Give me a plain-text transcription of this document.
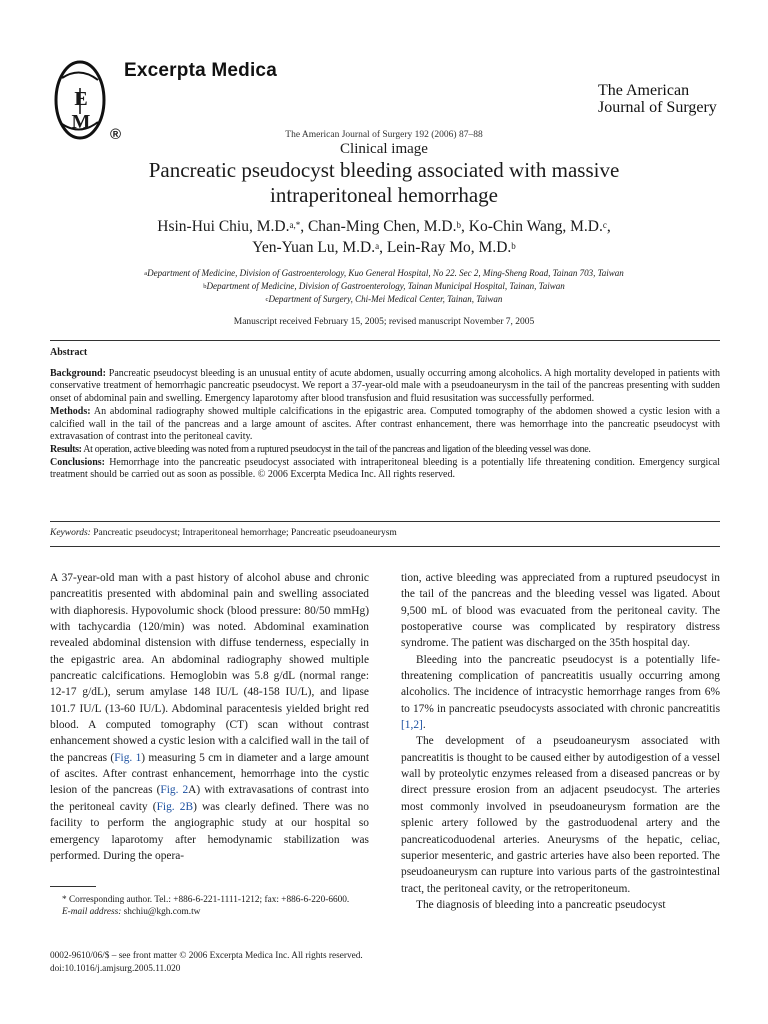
E M
Excerpta Medica
®
The American
Journal of Surgery
The American Journal of Surgery 192 (2006) 87–88
Clinical image
Pancreatic pseudocyst bleeding associated with massive intraperitoneal hemorrhage
Hsin-Hui Chiu, M.D.$^{a,*}$, Chan-Ming Chen, M.D.$^b$, Ko-Chin Wang, M.D.$^c$,
Yen-Yuan Lu, M.D.$^a$, Lein-Ray Mo, M.D.$^b$
$^a$Department of Medicine, Division of Gastroenterology, Kuo General Hospital, No 22. Sec 2, Ming-Sheng Road, Tainan 703, Taiwan
$^b$Department of Medicine, Division of Gastroenterology, Tainan Municipal Hospital, Tainan, Taiwan
$^c$Department of Surgery, Chi-Mei Medical Center, Tainan, Taiwan
Manuscript received February 15, 2005; revised manuscript November 7, 2005
Abstract

Background: Pancreatic pseudocyst bleeding is an unusual entity of acute abdomen, usually occurring among alcoholics. A high mortality developed in patients with conservative treatment of hemorrhagic pancreatic pseudocyst. We report a 37-year-old male with a pseudoaneurysm in the tail of the pancreas presenting with sudden onset of abdominal pain and swelling. Emergency laparotomy after blood transfusion and fluid resusitation was successfully performed.

Methods: An abdominal radiography showed multiple calcifications in the epigastric area. Computed tomography of the abdomen showed a cystic lesion with a calcified wall in the tail of the pancreas and a large amount of ascites. After contrast enhancement, there was hemorrhage into the pancreatic pseudocyst with extravasation of contrast into the peritoneal cavity.

Results: At operation, active bleeding was noted from a ruptured pseudocyst in the tail of the pancreas and ligation of the bleeding vessel was done.

Conclusions: Hemorrhage into the pancreatic pseudocyst associated with intraperitoneal bleeding is a potentially life threatening condition. Emergency surgical treatment should be carried out as soon as possible. © 2006 Excerpta Medica Inc. All rights reserved.

Keywords: Pancreatic pseudocyst; Intraperitoneal hemorrhage; Pancreatic pseudoaneurysm

A 37-year-old man with a past history of alcohol abuse and chronic pancreatitis presented with abdominal pain and swelling associated with diaphoresis. Hypovolumic shock (blood pressure: 80/50 mmHg) with tachycardia (120/min) was noted. Abdominal examination revealed abdominal distension with diffuse tenderness, especially in the epigastric area. An abdominal radiography showed multiple pancreatic calcifications. Hemoglobin was 5.8 g/dL (normal range: 12-17 g/dL), serum amylase 148 IU/L (48-158 IU/L), and lipase 101.7 IU/L (13-60 IU/L). Abdominal paracentesis yielded bright red blood. A computed tomography (CT) scan without contrast enhancement showed a cystic lesion with a calcified wall in the tail of the pancreas (Fig. 1) measuring 5 cm in diameter and a large amount of ascites. After contrast enhancement, hemorrhage into the cystic lesion of the pancreas (Fig. 2A) with extravasations of contrast into the peritoneal cavity (Fig. 2B) was clearly defined. There was no facility to perform the angiographic study at our hospital so emergency laparotomy after hemodynamic stabilization was performed. During the opera-

tion, active bleeding was appreciated from a ruptured pseudocyst in the tail of the pancreas and the bleeding vessel was ligated. About 9,500 mL of blood was evacuated from the peritoneal cavity. The postoperative course was complicated by respiratory distress syndrome. The patient was discharged on the 35th hospital day.

Bleeding into the pancreatic pseudocyst is a potentially life-threatening complication of pancreatitis usually occurring among alcoholics. The incidence of intracystic hemorrhage ranges from 6% to 17% in pancreatic pseudocysts associated with chronic pancreatitis [1,2].

The development of a pseudoaneurysm associated with pancreatitis is thought to be caused either by autodigestion of a vessel wall by proteolytic enzymes released from a diseased pancreas or by direct pressure erosion from an adjacent pseudocyst. The arteries most commonly involved in pseudoaneurysm formation are the splenic artery followed by the gastroduodenal artery and the pancreaticoduodenal arteries. Aneurysms of the hepatic, celiac, superior mesenteric, and gastric arteries have also been reported. The pseudoaneurysm can rupture into various parts of the gastrointestinal tract, the peritoneal cavity, or the retroperitoneum.

The diagnosis of bleeding into a pancreatic pseudocyst

* Corresponding author. Tel.: +886-6-221-1111-1212; fax: +886-6-220-6600.

E-mail address: shchiu@kgh.com.tw

0002-9610/06/$ – see front matter © 2006 Excerpta Medica Inc. All rights reserved.
doi:10.1016/j.amjsurg.2005.11.020
